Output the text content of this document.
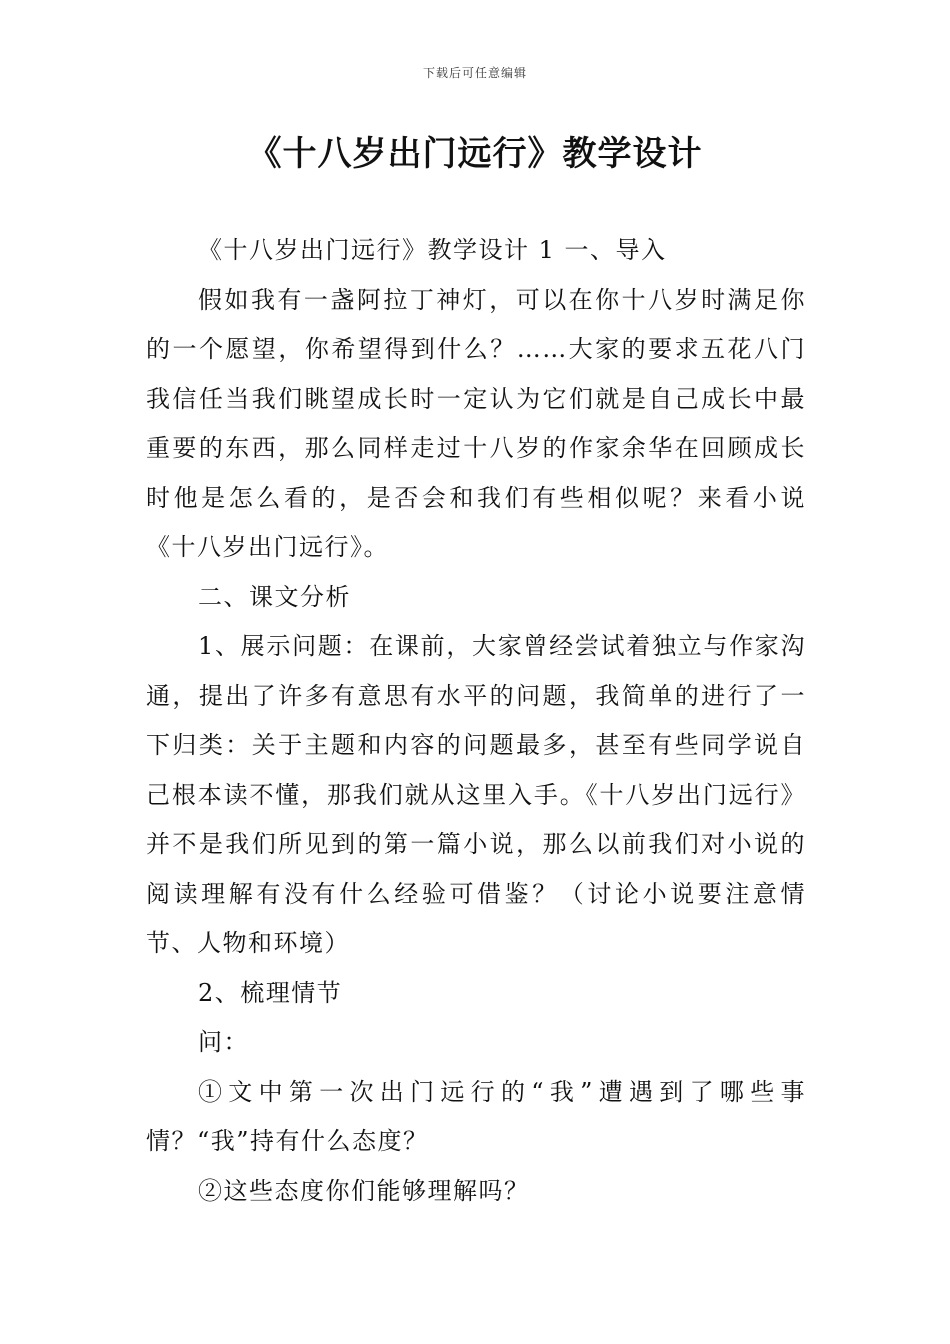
下载后可任意编辑
《十八岁出门远行》教学设计

《十八岁出门远行》教学设计 1 一、导入

假如我有一盏阿拉丁神灯，可以在你十八岁时满足你的一个愿望，你希望得到什么？……大家的要求五花八门我信任当我们眺望成长时一定认为它们就是自己成长中最重要的东西，那么同样走过十八岁的作家余华在回顾成长时他是怎么看的，是否会和我们有些相似呢？来看小说《十八岁出门远行》。

二、课文分析

1、展示问题：在课前，大家曾经尝试着独立与作家沟通，提出了许多有意思有水平的问题，我简单的进行了一下归类：关于主题和内容的问题最多，甚至有些同学说自己根本读不懂，那我们就从这里入手。《十八岁出门远行》并不是我们所见到的第一篇小说，那么以前我们对小说的阅读理解有没有什么经验可借鉴？（讨论小说要注意情节、人物和环境）

2、梳理情节

问：

①文中第一次出门远行的“我”遭遇到了哪些事情？“我”持有什么态度？

②这些态度你们能够理解吗？
